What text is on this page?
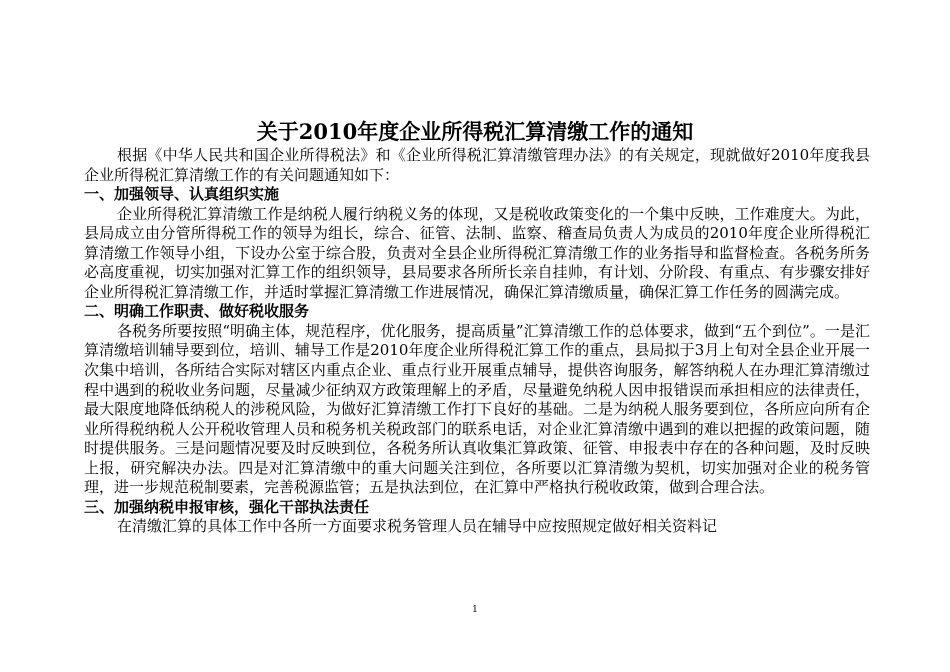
关于2010年度企业所得税汇算清缴工作的通知

根据《中华人民共和国企业所得税法》和《企业所得税汇算清缴管理办法》的有关规定，现就做好2010年度我县企业所得税汇算清缴工作的有关问题通知如下：

一、加强领导、认真组织实施

企业所得税汇算清缴工作是纳税人履行纳税义务的体现，又是税收政策变化的一个集中反映，工作难度大。为此，县局成立由分管所得税工作的领导为组长，综合、征管、法制、监察、稽查局负责人为成员的2010年度企业所得税汇算清缴工作领导小组，下设办公室于综合股，负责对全县企业所得税汇算清缴工作的业务指导和监督检查。各税务所务必高度重视，切实加强对汇算工作的组织领导，县局要求各所所长亲自挂帅，有计划、分阶段、有重点、有步骤安排好企业所得税汇算清缴工作，并适时掌握汇算清缴工作进展情况，确保汇算清缴质量，确保汇算工作任务的圆满完成。

二、明确工作职责、做好税收服务

各税务所要按照“明确主体，规范程序，优化服务，提高质量”汇算清缴工作的总体要求，做到“五个到位”。一是汇算清缴培训辅导要到位，培训、辅导工作是2010年度企业所得税汇算工作的重点，县局拟于3月上旬对全县企业开展一次集中培训，各所结合实际对辖区内重点企业、重点行业开展重点辅导，提供咨询服务，解答纳税人在办理汇算清缴过程中遇到的税收业务问题，尽量减少征纳双方政策理解上的矛盾，尽量避免纳税人因申报错误而承担相应的法律责任，最大限度地降低纳税人的涉税风险，为做好汇算清缴工作打下良好的基础。二是为纳税人服务要到位，各所应向所有企业所得税纳税人公开税收管理人员和税务机关税政部门的联系电话，对企业汇算清缴中遇到的难以把握的政策问题，随时提供服务。三是问题情况要及时反映到位，各税务所认真收集汇算政策、征管、申报表中存在的各种问题，及时反映上报，研究解决办法。四是对汇算清缴中的重大问题关注到位，各所要以汇算清缴为契机，切实加强对企业的税务管理，进一步规范税制要素，完善税源监管；五是执法到位，在汇算中严格执行税收政策，做到合理合法。

三、加强纳税申报审核，强化干部执法责任

在清缴汇算的具体工作中各所一方面要求税务管理人员在辅导中应按照规定做好相关资料记

1
